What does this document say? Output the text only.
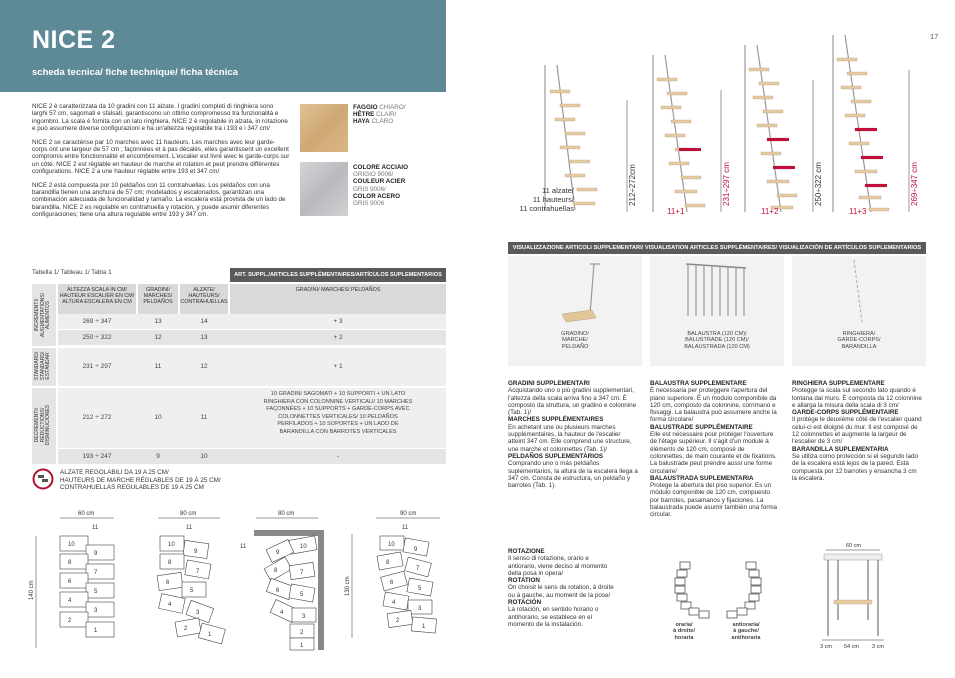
NICE 2
scheda tecnica/ fiche technique/ ficha técnica
17

NICE 2 è caratterizzata da 10 gradini con 11 alzate. I gradini completi di ringhiera sono larghi 57 cm, sagomati e sfalsati, garantiscono un ottimo compromesso tra funzionalità e ingombro. La scala è fornita con un lato ringhiera. NICE 2 è regolabile in alzata, in rotazione e può assumere diverse configurazioni e ha un'altezza regolabile tra i 193 e i 347 cm/

NICE 2 se caractérise par 10 marches avec 11 hauteurs. Les marches avec leur garde-corps ont une largeur de 57 cm ; façonnées et à pas décalés, elles garantissent un excellent compromis entre fonctionnalité et encombrement. L'escalier est livré avec le garde-corps sur un côté. NICE 2 est réglable en hauteur de marche et rotation et peut prendre différentes configurations. NICE 2 a une hauteur réglable entre 193 et 347 cm/

NICE 2 está compuesta por 10 peldaños con 11 contrahuellas. Los peldaños con una barandilla tienen una anchura de 57 cm; modelados y escalonados, garantizan una combinación adecuada de funcionalidad y tamaño. La escalera está provista de un lado de barandilla. NICE 2 es regulable en contrahuella y rotación, y puede asumir diferentes configuraciones; tiene una altura regulable entre 193 y 347 cm.

FAGGIO CHIARO/
HÊTRE CLAIR/
HAYA CLARO
COLORE ACCIAIO
GRIGIO 9006/
COULEUR ACIER
GRIS 9006/
COLOR ACERO
GRIS 9006
Tabella 1/ Tableau 1/ Tabla 1	ART. SUPPL./ARTICLES SUPPLÉMENTAIRES/ARTÍCULOS SUPLEMENTARIOS
ALTEZZA SCALA IN CM/ HAUTEUR ESCALIER EN CM/ ALTURA ESCALERA EN CM
GRADINI/ MARCHES/ PELDAÑOS
ALZATE/ HAUTEURS/ CONTRAHUELLAS
GRADINI/ MARCHES/ PELDAÑOS
INCREMENTI/ AUGMENTATIONS/ AUMENTOS
STANDARD/ STANDARD/ ESTÁNDAR
DECREMENTI/ RÉDUCTIONS/ DISMINUCIONES
269 ÷ 347	13	14	+ 3
250 ÷ 322	12	13	+ 2
231 ÷ 297	11	12	+ 1
212 ÷ 272	10	11
10 GRADINI SAGOMATI + 10 SUPPORTI + UN LATO RINGHIERA CON COLONNINE VERTICALI/ 10 MARCHES FAÇONNÉES + 10 SUPPORTS + GARDE-CORPS AVEC COLONNETTES VERTICALES/ 10 PELDAÑOS PERFILADOS + 10 SOPORTES + UN LADO DE BARANDILLA CON BARROTES VERTICALES
193 ÷ 247	9	10	-
ALZATE REGOLABILI DA 19 A 25 CM/
HAUTEURS DE MARCHE RÉGLABLES DE 19 À 25 CM/
CONTRAHUELLAS REGULABLES DE 19 A 25 CM
60 cm
140 cm
11
10
9
8
7
6
5
4
3
2
1
80 cm
11
10
9
8
7
6
5
4
3
2
1
80 cm
11	10
9
8	7
6
5
4
3
2
1
90 cm
130 cm
11
10
9
8
7
6
5
4
3
2
1
212÷272cm	231÷297 cm	250÷322 cm	269÷347 cm
11+1	11+2	11+3
11 alzate/
11 hauteurs/
11 contrahuellas
VISUALIZZAZIONE ARTICOLI SUPPLEMENTARI/ VISUALISATION ARTICLES SUPPLÉMENTAIRES/ VISUALIZACIÓN DE ARTÍCULOS SUPLEMENTARIOS
GRADINO/
MARCHE/
PELDAÑO
BALAUSTRA (120 CM)/
BALUSTRADE (120 CM)/
BALAUSTRADA (120 CM)
RINGHIERA/
GARDE-CORPS/
BARANDILLA
GRADINI SUPPLEMENTARI
Acquistando uno o più gradini supplementari, l'altezza della scala arriva fino a 347 cm. È composto da struttura, un gradino e colonnine (Tab. 1)/
MARCHES SUPPLÉMENTAIRES
En achetant une ou plusieurs marches supplémentaires, la hauteur de l'escalier atteint 347 cm. Elle comprend une structure, une marche et colonnettes (Tab. 1)/
PELDAÑOS SUPLEMENTARIOS
Comprando uno o más peldaños suplementarios, la altura de la escalera llega a 347 cm. Consta de estructura, un peldaño y barrotes (Tab. 1).
BALAUSTRA SUPPLEMENTARE
È necessaria per proteggere l'apertura del piano superiore. È un modulo componibile da 120 cm, composto da colonnine, corrimano e fissaggi. La balaustra può assumere anche la forma circolare/
BALUSTRADE SUPPLÉMENTAIRE
Elle est nécessaire pour protéger l'ouverture de l'étage supérieur. Il s'agit d'un module à éléments de 120 cm, composé de colonnettes, de main courante et de fixations. La balustrade peut prendre aussi une forme circulaire/
BALAUSTRADA SUPLEMENTARIA
Protege la abertura del piso superior. Es un módulo componible de 120 cm, compuesto por barrotes, pasamanos y fijaciones. La balaustrada puede asumir también una forma circular.
RINGHIERA SUPPLEMENTARE
Protegge la scala sul secondo lato quando è lontana dal muro. È composta da 12 colonnine e allarga la misura della scala di 3 cm/
GARDE-CORPS SUPPLÉMENTAIRE
Il protège le deuxième côté de l'escalier quand celui-ci est éloigné du mur. Il est composé de 12 colonnettes et augmente la largeur de l'escalier de 3 cm/
BARANDILLA SUPLEMENTARIA
Se utiliza como protección si el segundo lado de la escalera está lejos de la pared. Está compuesta por 12 barrotes y ensancha 3 cm la escalera.
ROTAZIONE
Il senso di rotazione, orario e antiorario, viene deciso al momento della posa in opera/
ROTATION
On choisit le sens de rotation, à droite ou à gauche, au moment de la pose/
ROTACIÓN
La rotación, en sentido horario o antihorario, se establece en el momento de la instalación.	oraria/
à droite/
horaria
antioraria/
à gauche/
antihoraria
60 cm
3 cm 54 cm 3 cm
